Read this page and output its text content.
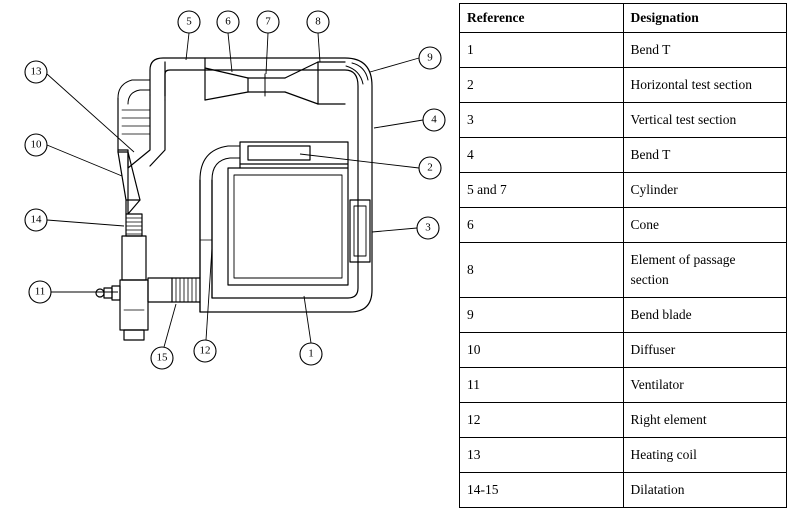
5	6	7	8
9
4
2
3
1
13
10
14
11
15
12
Reference	Designation
1	Bend T
2	Horizontal test section
3	Vertical test section
4	Bend T
5 and 7	Cylinder
6	Cone
8	Element of passage
section

9	Bend blade
10	Diffuser
11	Ventilator
12	Right element
13	Heating coil
14-15	Dilatation
